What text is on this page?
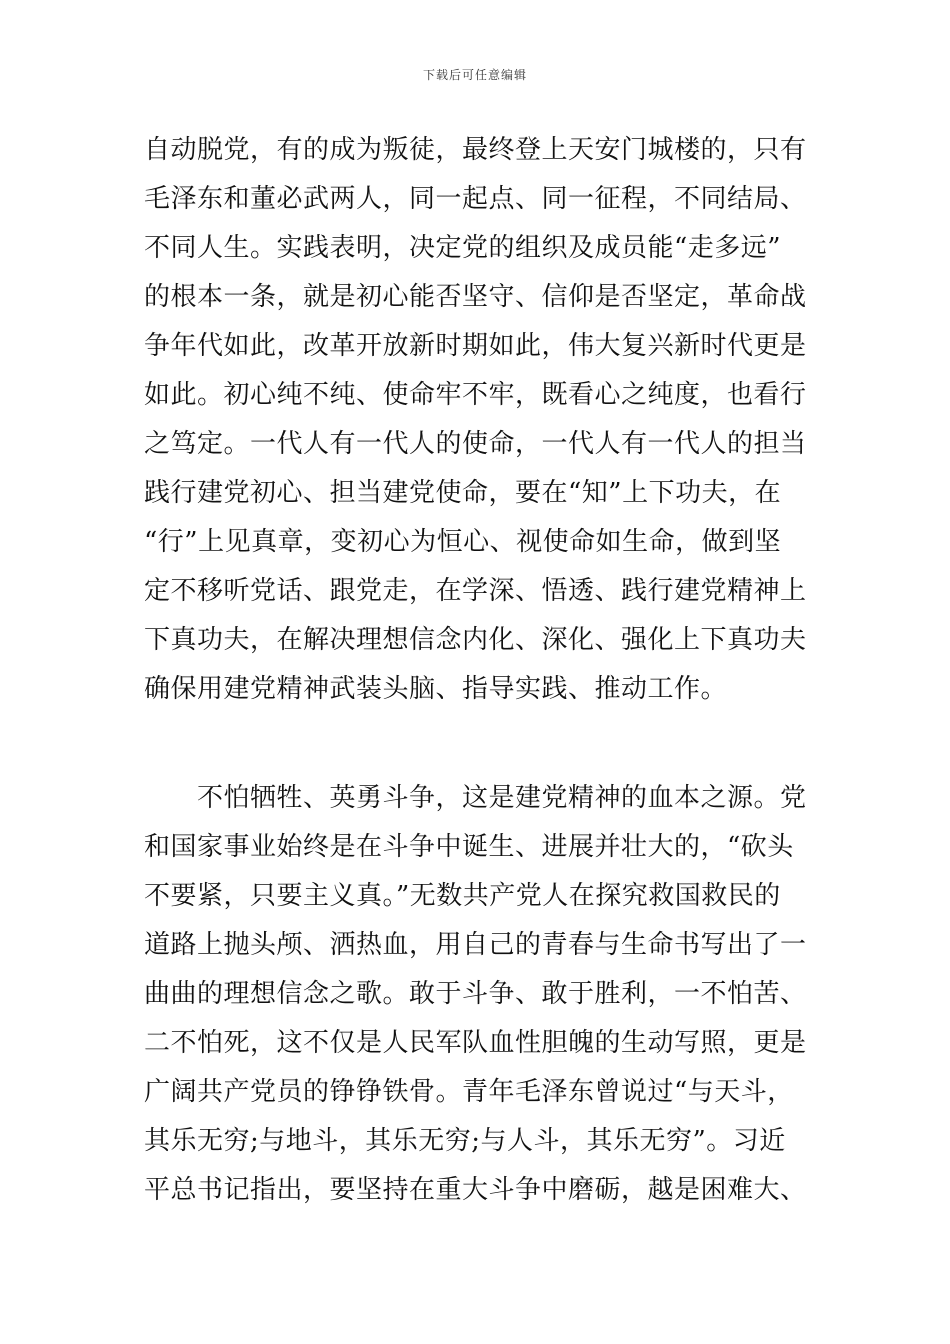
下载后可任意编辑
自动脱党，有的成为叛徒，最终登上天安门城楼的，只有
毛泽东和董必武两人，同一起点、同一征程，不同结局、
不同人生。实践表明，决定党的组织及成员能“走多远”
的根本一条，就是初心能否坚守、信仰是否坚定，革命战
争年代如此，改革开放新时期如此，伟大复兴新时代更是
如此。初心纯不纯、使命牢不牢，既看心之纯度，也看行
之笃定。一代人有一代人的使命，一代人有一代人的担当
践行建党初心、担当建党使命，要在“知”上下功夫，在
“行”上见真章，变初心为恒心、视使命如生命，做到坚
定不移听党话、跟党走，在学深、悟透、践行建党精神上
下真功夫，在解决理想信念内化、深化、强化上下真功夫
确保用建党精神武装头脑、指导实践、推动工作。
　　不怕牺牲、英勇斗争，这是建党精神的血本之源。党
和国家事业始终是在斗争中诞生、进展并壮大的，“砍头
不要紧，只要主义真。”无数共产党人在探究救国救民的
道路上抛头颅、洒热血，用自己的青春与生命书写出了一
曲曲的理想信念之歌。敢于斗争、敢于胜利，一不怕苦、
二不怕死，这不仅是人民军队血性胆魄的生动写照，更是
广阔共产党员的铮铮铁骨。青年毛泽东曾说过“与天斗，
其乐无穷;与地斗，其乐无穷;与人斗，其乐无穷”。习近
平总书记指出，要坚持在重大斗争中磨砺，越是困难大、
